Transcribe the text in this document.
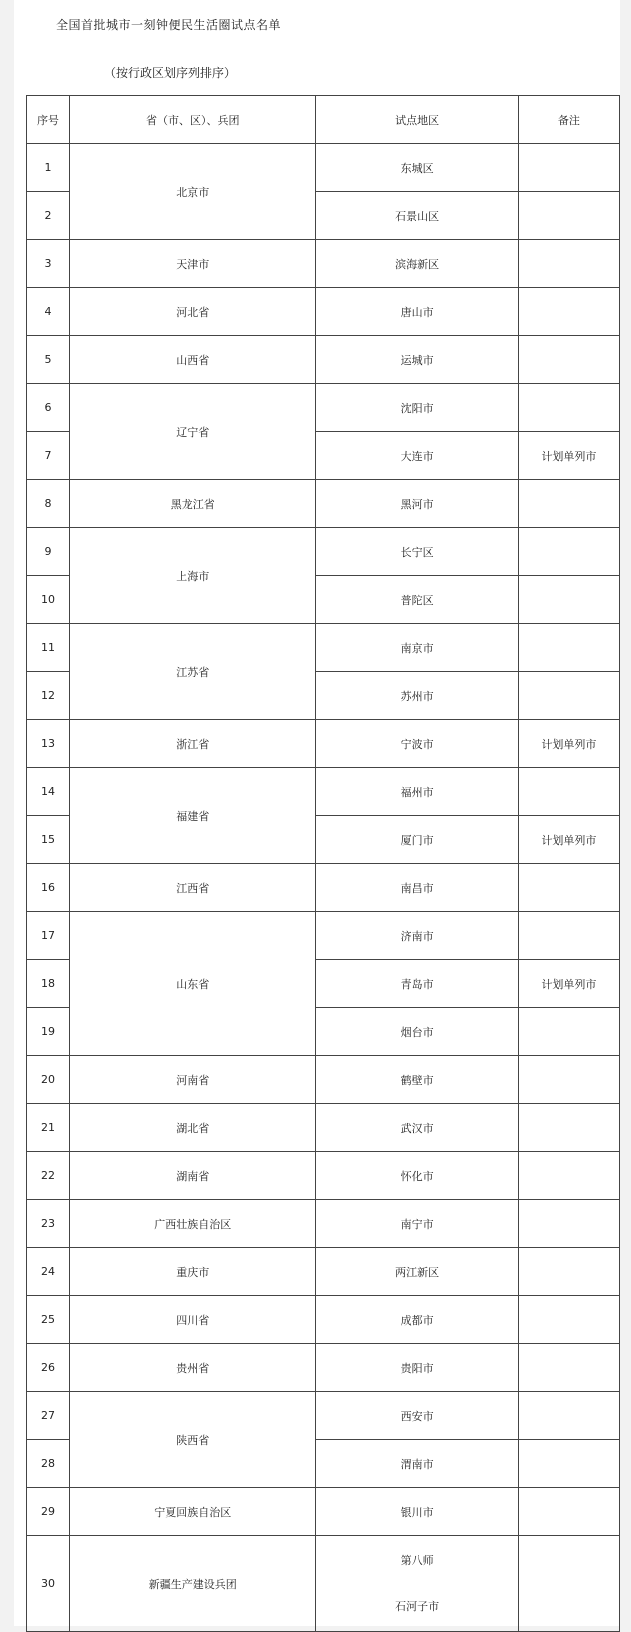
全国首批城市一刻钟便民生活圈试点名单
（按行政区划序列排序）
序号	省（市、区）、兵团	试点地区	备注
1	北京市	东城区	
2		石景山区	
3	天津市	滨海新区	
4	河北省	唐山市	
5	山西省	运城市	
6	辽宁省	沈阳市	
7		大连市	计划单列市
8	黑龙江省	黑河市	
9	上海市	长宁区	
10		普陀区	
11	江苏省	南京市	
12		苏州市	
13	浙江省	宁波市	计划单列市
14	福建省	福州市	
15		厦门市	计划单列市
16	江西省	南昌市	
17	山东省	济南市	
18		青岛市	计划单列市
19		烟台市	
20	河南省	鹤壁市	
21	湖北省	武汉市	
22	湖南省	怀化市	
23	广西壮族自治区	南宁市	
24	重庆市	两江新区	
25	四川省	成都市	
26	贵州省	贵阳市	
27	陕西省	西安市	
28		渭南市	
29	宁夏回族自治区	银川市	
30	新疆生产建设兵团	第八师
石河子市	
